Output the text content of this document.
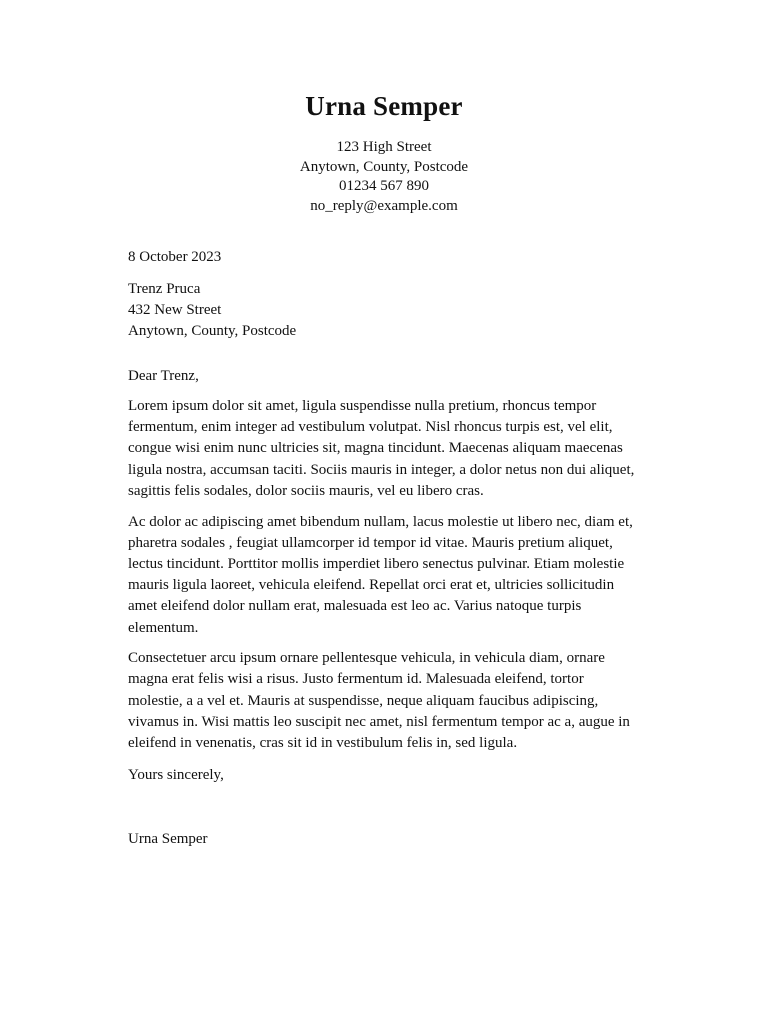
Urna Semper
123 High Street
Anytown, County, Postcode
01234 567 890
no_reply@example.com
8 October 2023
Trenz Pruca
432 New Street
Anytown, County, Postcode
Dear Trenz,

Lorem ipsum dolor sit amet, ligula suspendisse nulla pretium, rhoncus tempor fermentum, enim integer ad vestibulum volutpat. Nisl rhoncus turpis est, vel elit, congue wisi enim nunc ultricies sit, magna tincidunt. Maecenas aliquam maecenas ligula nostra, accumsan taciti. Sociis mauris in integer, a dolor netus non dui aliquet, sagittis felis sodales, dolor sociis mauris, vel eu libero cras.

Ac dolor ac adipiscing amet bibendum nullam, lacus molestie ut libero nec, diam et, pharetra sodales , feugiat ullamcorper id tempor id vitae. Mauris pretium aliquet, lectus tincidunt. Porttitor mollis imperdiet libero senectus pulvinar. Etiam molestie mauris ligula laoreet, vehicula eleifend. Repellat orci erat et, ultricies sollicitudin amet eleifend dolor nullam erat, malesuada est leo ac. Varius natoque turpis elementum.

Consectetuer arcu ipsum ornare pellentesque vehicula, in vehicula diam, ornare magna erat felis wisi a risus. Justo fermentum id. Malesuada eleifend, tortor molestie, a a vel et. Mauris at suspendisse, neque aliquam faucibus adipiscing, vivamus in. Wisi mattis leo suscipit nec amet, nisl fermentum tempor ac a, augue in eleifend in venenatis, cras sit id in vestibulum felis in, sed ligula.

Yours sincerely,
Urna Semper
